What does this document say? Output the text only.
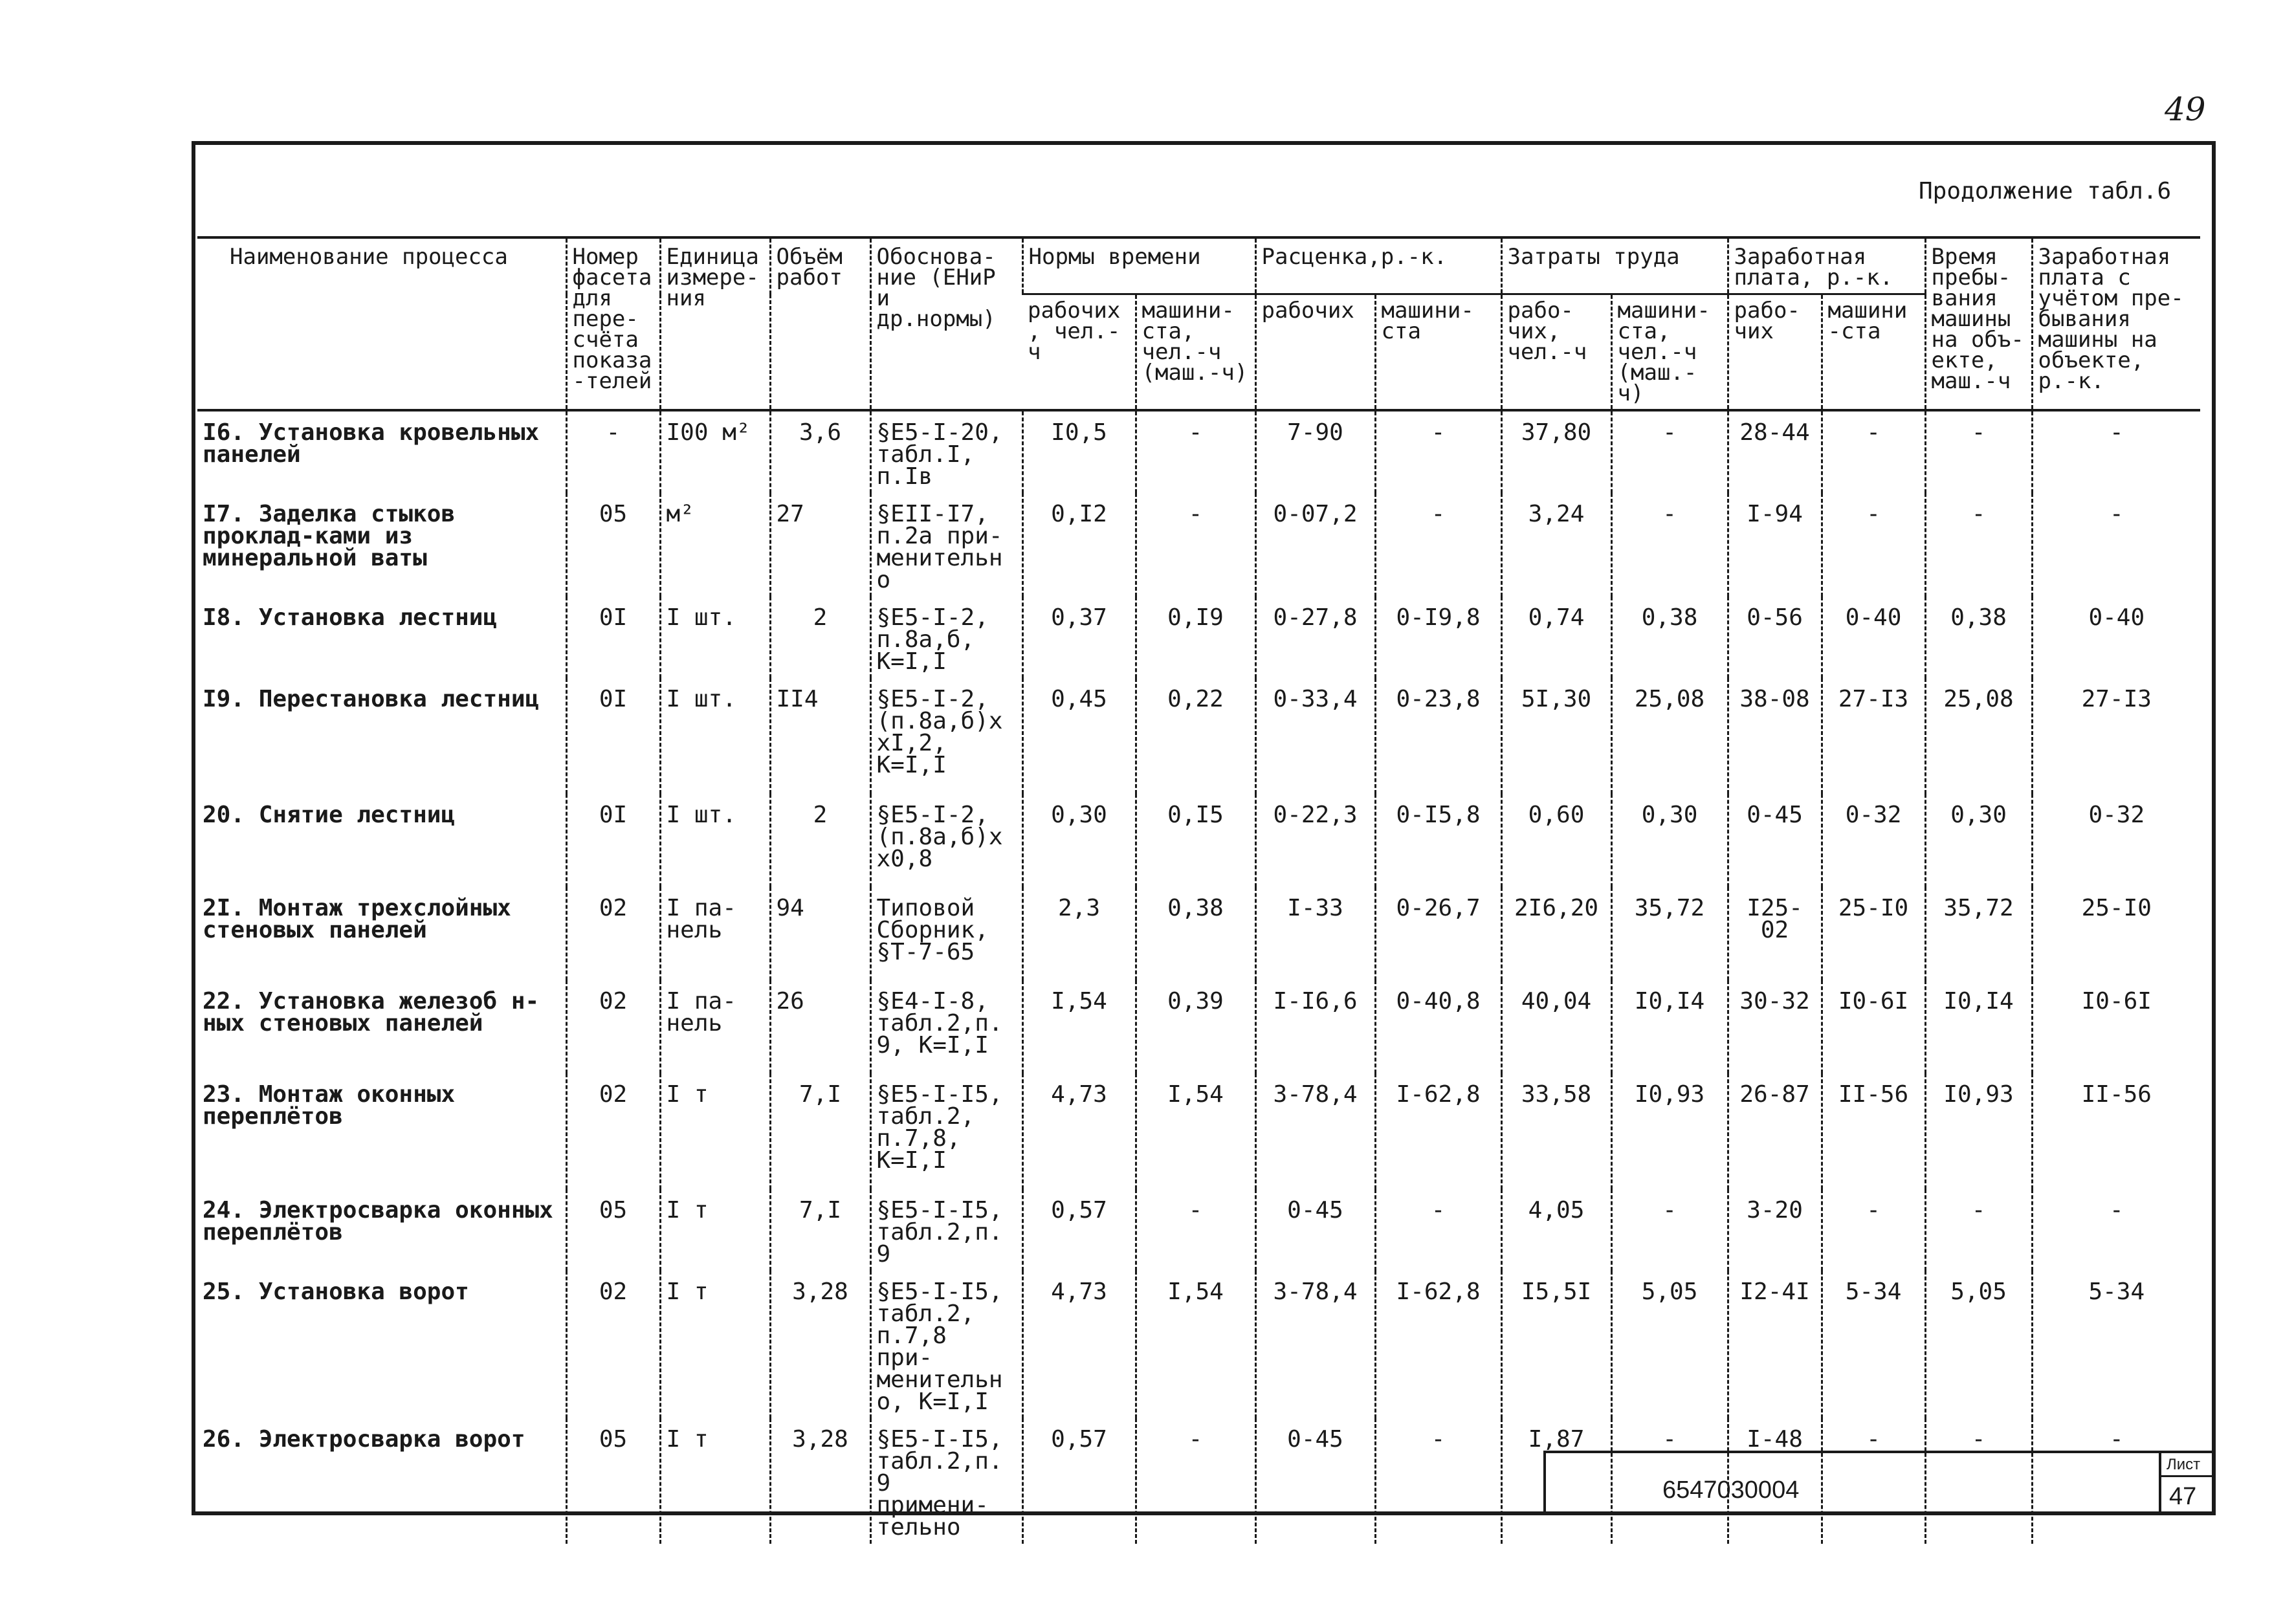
49
Продолжение табл.6
Наименование процесса	Номер фасета для пере-счёта показа-телей	Единица измере-ния	Объём работ	Обоснова-ние (ЕНиР и др.нормы)	Нормы времени		Расценка,р.-к.		Затраты труда		Заработная плата, р.-к.		Время пребы-вания машины на объ-екте, маш.-ч	Заработная плата с учётом пре-бывания машины на объекте, р.-к.
					рабочих, чел.-ч	машини-ста, чел.-ч (маш.-ч)	рабочих	машини-ста	рабо-чих, чел.-ч	машини-ста, чел.-ч (маш.-ч)	рабо-чих	машини-ста		
I6. Установка кровельных панелей	-	I00 м²	3,6	§Е5-I-20, табл.I, п.Iв	I0,5	-	7-90	-	37,80	-	28-44	-	-	-
I7. Заделка стыков проклад-ками из минеральной ваты	05	м²	27	§ЕII-I7, п.2а при-менительно	0,I2	-	0-07,2	-	3,24	-	I-94	-	-	-
I8. Установка лестниц	0I	I шт.	2	§Е5-I-2, п.8а,б, К=I,I	0,37	0,I9	0-27,8	0-I9,8	0,74	0,38	0-56	0-40	0,38	0-40
I9. Перестановка лестниц	0I	I шт.	II4	§Е5-I-2, (п.8а,б)х хI,2, К=I,I	0,45	0,22	0-33,4	0-23,8	5I,30	25,08	38-08	27-I3	25,08	27-I3
20. Снятие лестниц	0I	I шт.	2	§Е5-I-2, (п.8а,б)х х0,8	0,30	0,I5	0-22,3	0-I5,8	0,60	0,30	0-45	0-32	0,30	0-32
2I. Монтаж трехслойных стеновых панелей	02	I па-нель	94	Типовой Сборник, §Т-7-65	2,3	0,38	I-33	0-26,7	2I6,20	35,72	I25-02	25-I0	35,72	25-I0
22. Установка железоб н-ных стеновых панелей	02	I па-нель	26	§Е4-I-8, табл.2,п.9, К=I,I	I,54	0,39	I-I6,6	0-40,8	40,04	I0,I4	30-32	I0-6I	I0,I4	I0-6I
23. Монтаж оконных переплётов	02	I т	7,I	§Е5-I-I5, табл.2, п.7,8, К=I,I	4,73	I,54	3-78,4	I-62,8	33,58	I0,93	26-87	II-56	I0,93	II-56
24. Электросварка оконных переплётов	05	I т	7,I	§Е5-I-I5, табл.2,п.9	0,57	-	0-45	-	4,05	-	3-20	-	-	-
25. Установка ворот	02	I т	3,28	§Е5-I-I5, табл.2, п.7,8 при-менительно, К=I,I	4,73	I,54	3-78,4	I-62,8	I5,5I	5,05	I2-4I	5-34	5,05	5-34
26. Электросварка ворот	05	I т	3,28	§Е5-I-I5, табл.2,п.9 примени-тельно	0,57	-	0-45	-	I,87	-	I-48	-	-	-
6547030004
Лист
47
